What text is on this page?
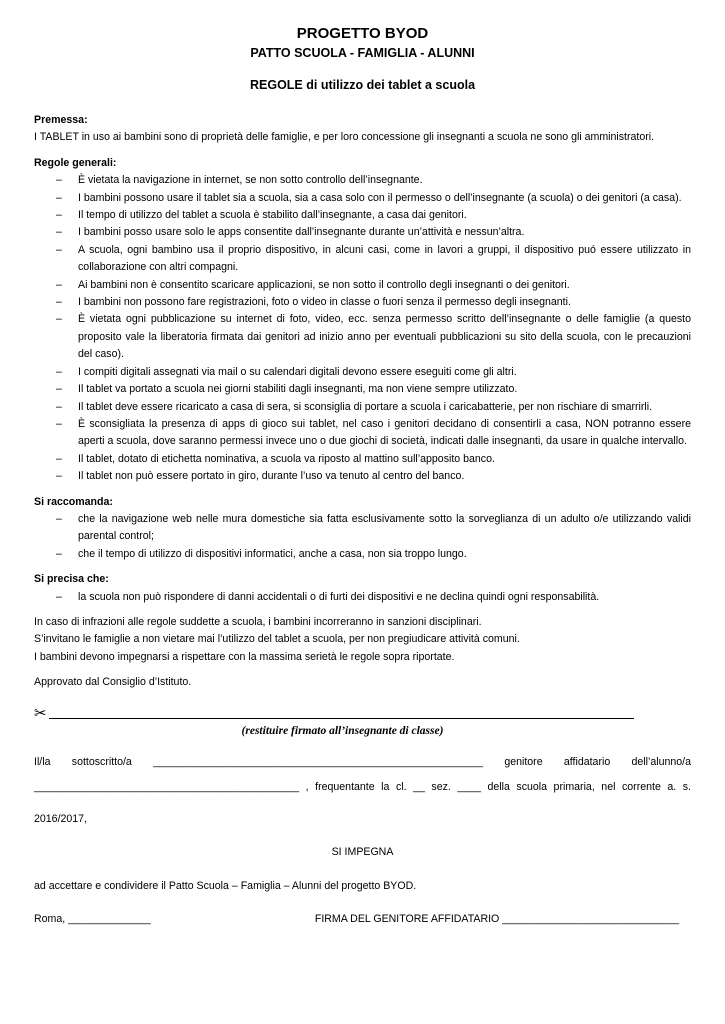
PROGETTO BYOD
PATTO SCUOLA - FAMIGLIA - ALUNNI
REGOLE di utilizzo dei tablet a scuola

Premessa:

I TABLET in uso ai bambini sono di proprietà delle famiglie, e per loro concessione gli insegnanti a scuola ne sono gli amministratori.

Regole generali:

– È vietata la navigazione in internet, se non sotto controllo dell’insegnante.
– I bambini possono usare il tablet sia a scuola, sia a casa solo con il permesso o dell’insegnante (a scuola) o dei genitori (a casa).
– Il tempo di utilizzo del tablet a scuola è stabilito dall’insegnante, a casa dai genitori.
– I bambini posso usare solo le apps consentite dall’insegnante durante un’attività e nessun’altra.
– A scuola, ogni bambino usa il proprio dispositivo, in alcuni casi, come in lavori a gruppi, il dispositivo puó essere utilizzato in collaborazione con altri compagni.
– Ai bambini non è consentito scaricare applicazioni, se non sotto il controllo degli insegnanti o dei genitori.
– I bambini non possono fare registrazioni, foto o video in classe o fuori senza il permesso degli insegnanti.
– È vietata ogni pubblicazione su internet di foto, video, ecc. senza permesso scritto dell’insegnante o delle famiglie (a questo proposito vale la liberatoria firmata dai genitori ad inizio anno per eventuali pubblicazioni su sito della scuola, con le precauzioni del caso).
– I compiti digitali assegnati via mail o su calendari digitali devono essere eseguiti come gli altri.
– Il tablet va portato a scuola nei giorni stabiliti dagli insegnanti, ma non viene sempre utilizzato.
– Il tablet deve essere ricaricato a casa di sera, si sconsiglia di portare a scuola i caricabatterie, per non rischiare di smarrirli.
– È sconsigliata la presenza di apps di gioco sui tablet, nel caso i genitori decidano di consentirli a casa, NON potranno essere aperti a scuola, dove saranno permessi invece uno o due giochi di società, indicati dalle insegnanti, da usare in qualche intervallo.
– Il tablet, dotato di etichetta nominativa, a scuola va riposto al mattino sull’apposito banco.
– Il tablet non può essere portato in giro, durante l’uso va tenuto al centro del banco.

Si raccomanda:

– che la navigazione web nelle mura domestiche sia fatta esclusivamente sotto la sorveglianza di un adulto o/e utilizzando validi parental control;
– che il tempo di utilizzo di dispositivi informatici, anche a casa, non sia troppo lungo.

Si precisa che:

– la scuola non può rispondere di danni accidentali o di furti dei dispositivi e ne declina quindi ogni responsabilità.

In caso di infrazioni alle regole suddette a scuola, i bambini incorreranno in sanzioni disciplinari.

S’invitano le famiglie a non vietare mai l’utilizzo del tablet a scuola, per non pregiudicare attività comuni.

I bambini devono impegnarsi a rispettare con la massima serietà le regole sopra riportate.

Approvato dal Consiglio d’Istituto.

✂

(restituire firmato all’insegnante di classe)

Il/la sottoscritto/a ________________________________________________________ genitore affidatario dell’alunno/a

_____________________________________________ , frequentante la cl. __ sez. ____ della scuola primaria, nel corrente a. s.

2016/2017,

SI IMPEGNA

ad accettare e condividere il Patto Scuola – Famiglia – Alunni del progetto BYOD.

Roma, ______________	FIRMA DEL GENITORE AFFIDATARIO ______________________________
